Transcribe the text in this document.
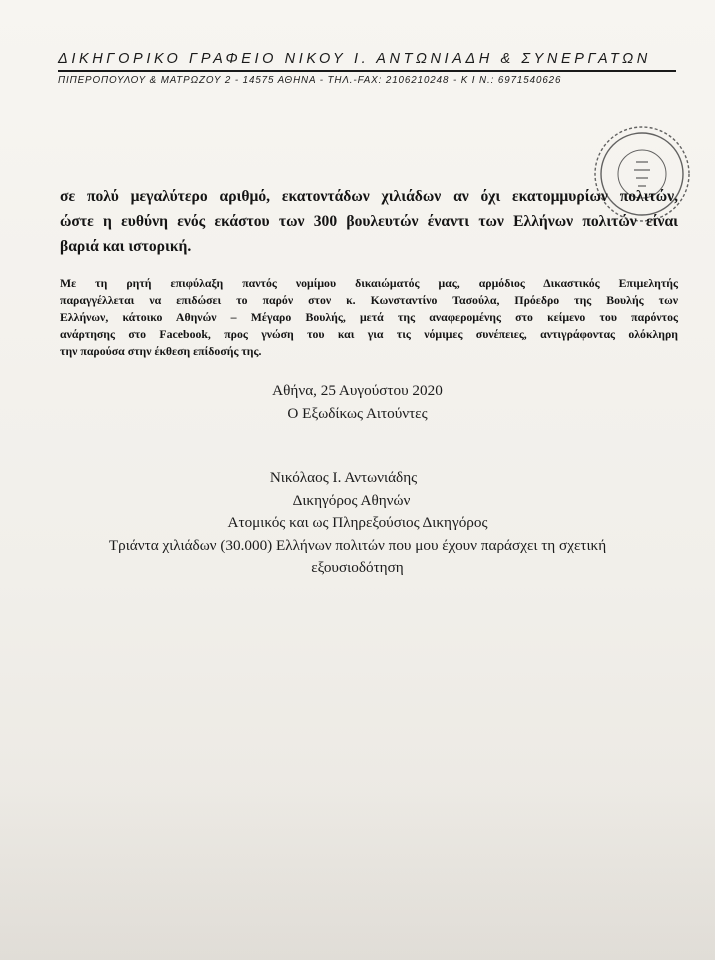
ΔΙΚΗΓΟΡΙΚΟ ΓΡΑΦΕΙΟ ΝΙΚΟΥ Ι. ΑΝΤΩΝΙΑΔΗ & ΣΥΝΕΡΓΑΤΩΝ
ΠΙΠΕΡΟΠΟΥΛΟΥ & ΜΑΤΡΩΖΟΥ 2 - 14575 ΑΘΗΝΑ - ΤΗΛ.-FAX: 2106210248 - Κ Ι Ν.: 6971540626
σε πολύ μεγαλύτερο αριθμό, εκατοντάδων χιλιάδων αν όχι εκατομμυρίων πολιτών,
ώστε η ευθύνη ενός εκάστου των 300 βουλευτών έναντι των Ελλήνων πολιτών είναι
βαριά και ιστορική.
Με τη ρητή επιφύλαξη παντός νομίμου δικαιώματός μας, αρμόδιος Δικαστικός Επιμελητής
παραγγέλλεται να επιδώσει το παρόν στον κ. Κωνσταντίνο Τασούλα, Πρόεδρο της Βουλής των
Ελλήνων, κάτοικο Αθηνών – Μέγαρο Βουλής, μετά της αναφερομένης στο κείμενο του παρόντος
ανάρτησης στο Facebook, προς γνώση του και για τις νόμιμες συνέπειες, αντιγράφοντας ολόκληρη
την παρούσα στην έκθεση επίδοσής της.
Αθήνα, 25 Αυγούστου 2020
Ο Εξωδίκως Αιτούντες
Νικόλαος Ι. Αντωνιάδης
Δικηγόρος Αθηνών
Ατομικός και ως Πληρεξούσιος Δικηγόρος
Τριάντα χιλιάδων (30.000) Ελλήνων πολιτών που μου έχουν παράσχει τη σχετική
εξουσιοδότηση
